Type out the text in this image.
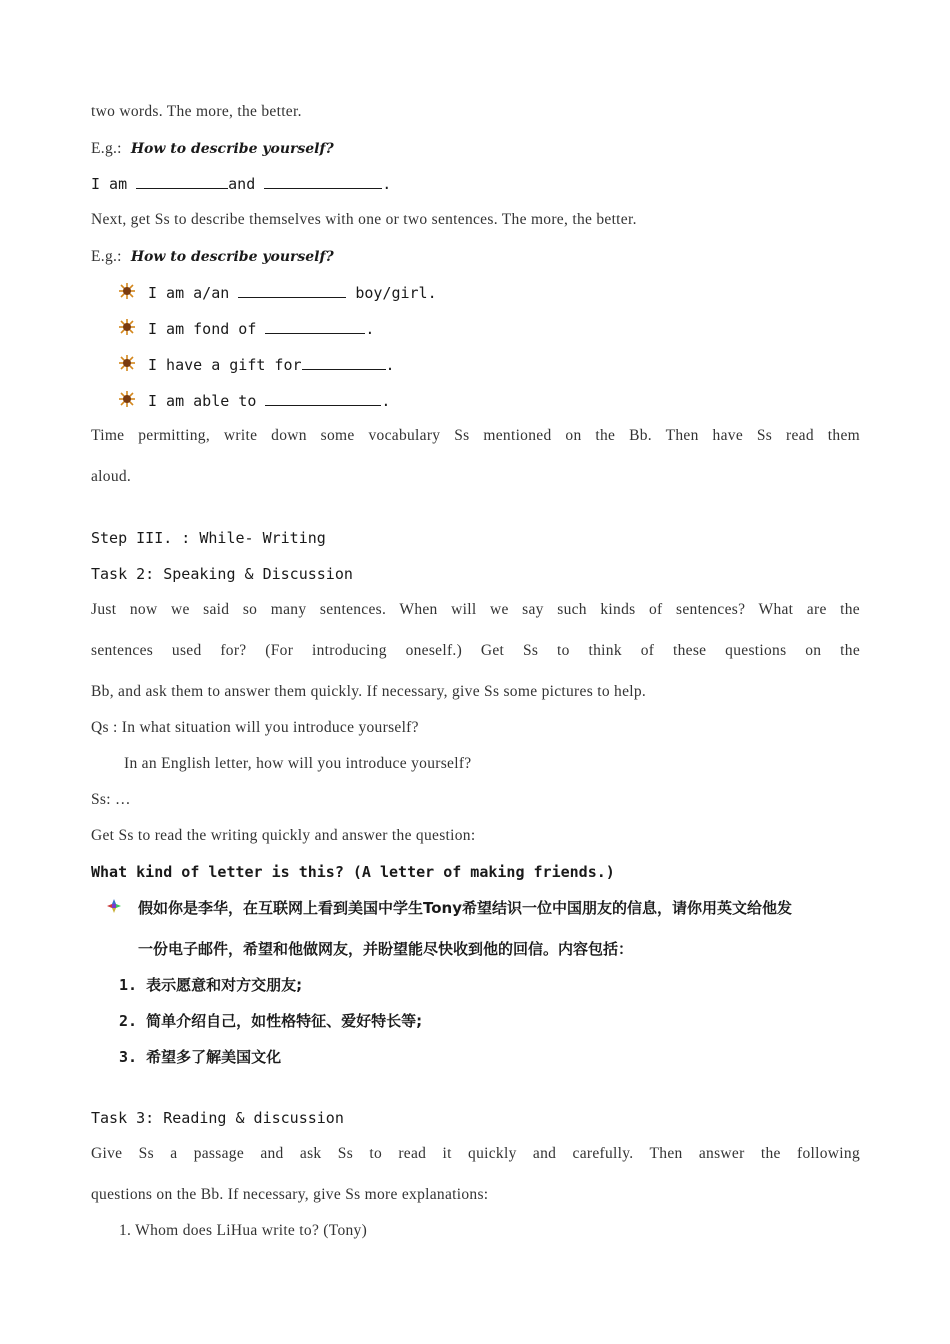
two words. The more, the better.
E.g.: How to describe yourself?
I am	and	.
Next, get Ss to describe themselves with one or two sentences. The more, the better.
E.g.: How to describe yourself?
I am a/an	boy/girl.
I am fond of	.
I have a gift for	.
I am able to	.
Time permitting, write down some vocabulary Ss mentioned on the Bb. Then have Ss read them
aloud.
Step III. : While- Writing
Task 2: Speaking & Discussion
Just now we said so many sentences. When will we say such kinds of sentences? What are the
sentences used for? (For introducing oneself.) Get Ss to think of these questions on the
Bb, and ask them to answer them quickly. If necessary, give Ss some pictures to help.
Qs : In what situation will you introduce yourself?
In an English letter, how will you introduce yourself?
Ss: …
Get Ss to read the writing quickly and answer the question:
What kind of letter is this? (A letter of making friends.)
假如你是李华，在互联网上看到美国中学生Tony希望结识一位中国朋友的信息，请你用英文给他发
一份电子邮件，希望和他做网友，并盼望能尽快收到他的回信。内容包括：
1. 表示愿意和对方交朋友;
2. 简单介绍自己，如性格特征、爱好特长等;
3. 希望多了解美国文化
Task 3: Reading & discussion
Give Ss a passage and ask Ss to read it quickly and carefully. Then answer the following
questions on the Bb. If necessary, give Ss more explanations:
1. Whom does LiHua write to? (Tony)
